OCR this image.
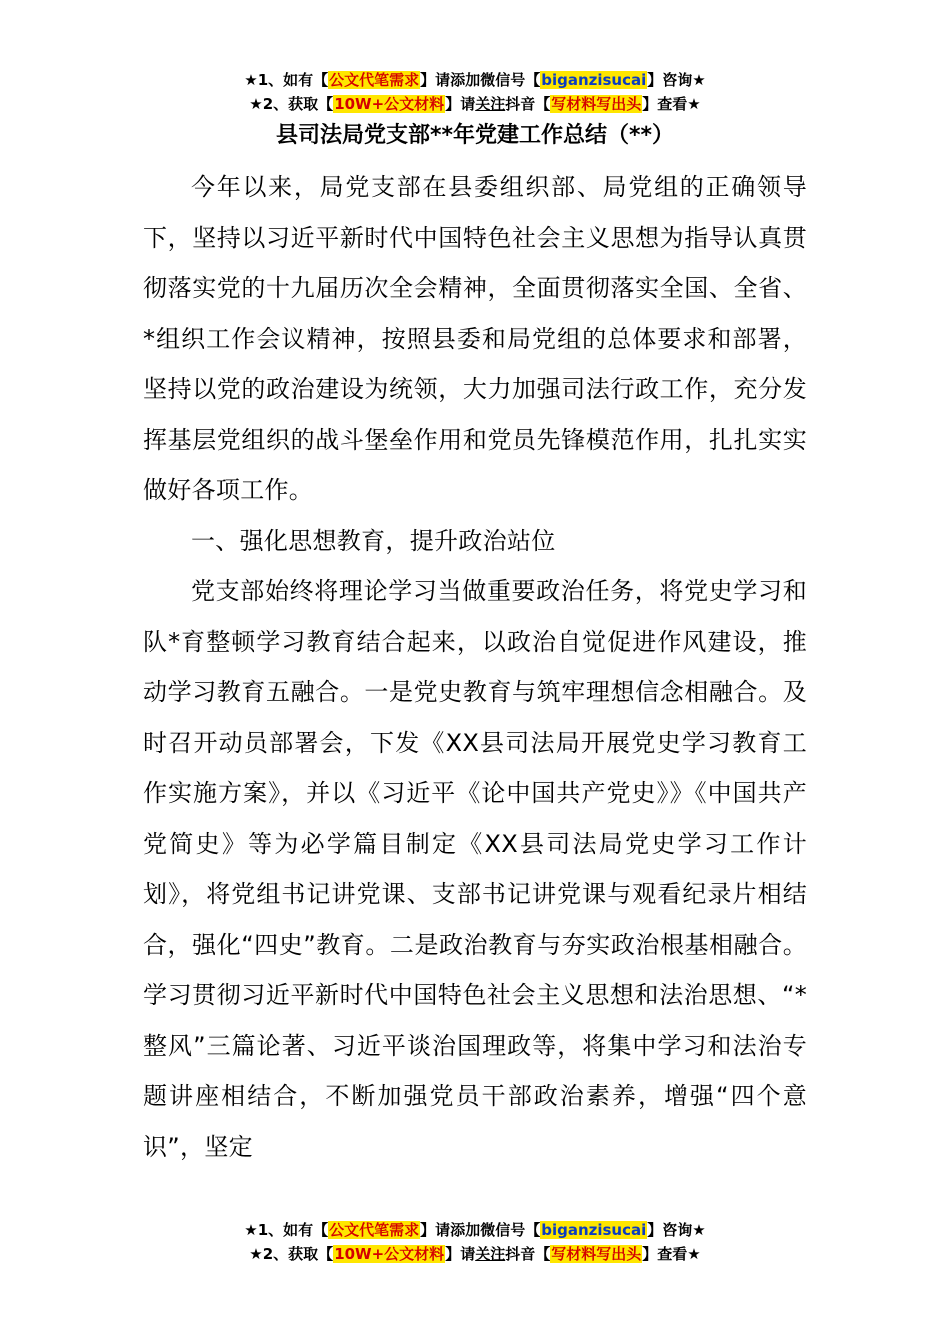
★1、如有【公文代笔需求】请添加微信号【biganzisucai】咨询★
★2、获取【10W+公文材料】请关注抖音【写材料写出头】查看★
县司法局党支部**年党建工作总结（**）

今年以来，局党支部在县委组织部、局党组的正确领导下，坚持以习近平新时代中国特色社会主义思想为指导认真贯彻落实党的十九届历次全会精神，全面贯彻落实全国、全省、*组织工作会议精神，按照县委和局党组的总体要求和部署，坚持以党的政治建设为统领，大力加强司法行政工作，充分发挥基层党组织的战斗堡垒作用和党员先锋模范作用，扎扎实实做好各项工作。

一、强化思想教育，提升政治站位

党支部始终将理论学习当做重要政治任务，将党史学习和队*育整顿学习教育结合起来，以政治自觉促进作风建设，推动学习教育五融合。一是党史教育与筑牢理想信念相融合。及时召开动员部署会，下发《XX县司法局开展党史学习教育工作实施方案》，并以《习近平《论中国共产党史》》《中国共产党简史》等为必学篇目制定《XX县司法局党史学习工作计划》，将党组书记讲党课、支部书记讲党课与观看纪录片相结合，强化“四史”教育。二是政治教育与夯实政治根基相融合。学习贯彻习近平新时代中国特色社会主义思想和法治思想、“*整风”三篇论著、习近平谈治国理政等，将集中学习和法治专题讲座相结合，不断加强党员干部政治素养，增强“四个意识”，坚定

★1、如有【公文代笔需求】请添加微信号【biganzisucai】咨询★
★2、获取【10W+公文材料】请关注抖音【写材料写出头】查看★
